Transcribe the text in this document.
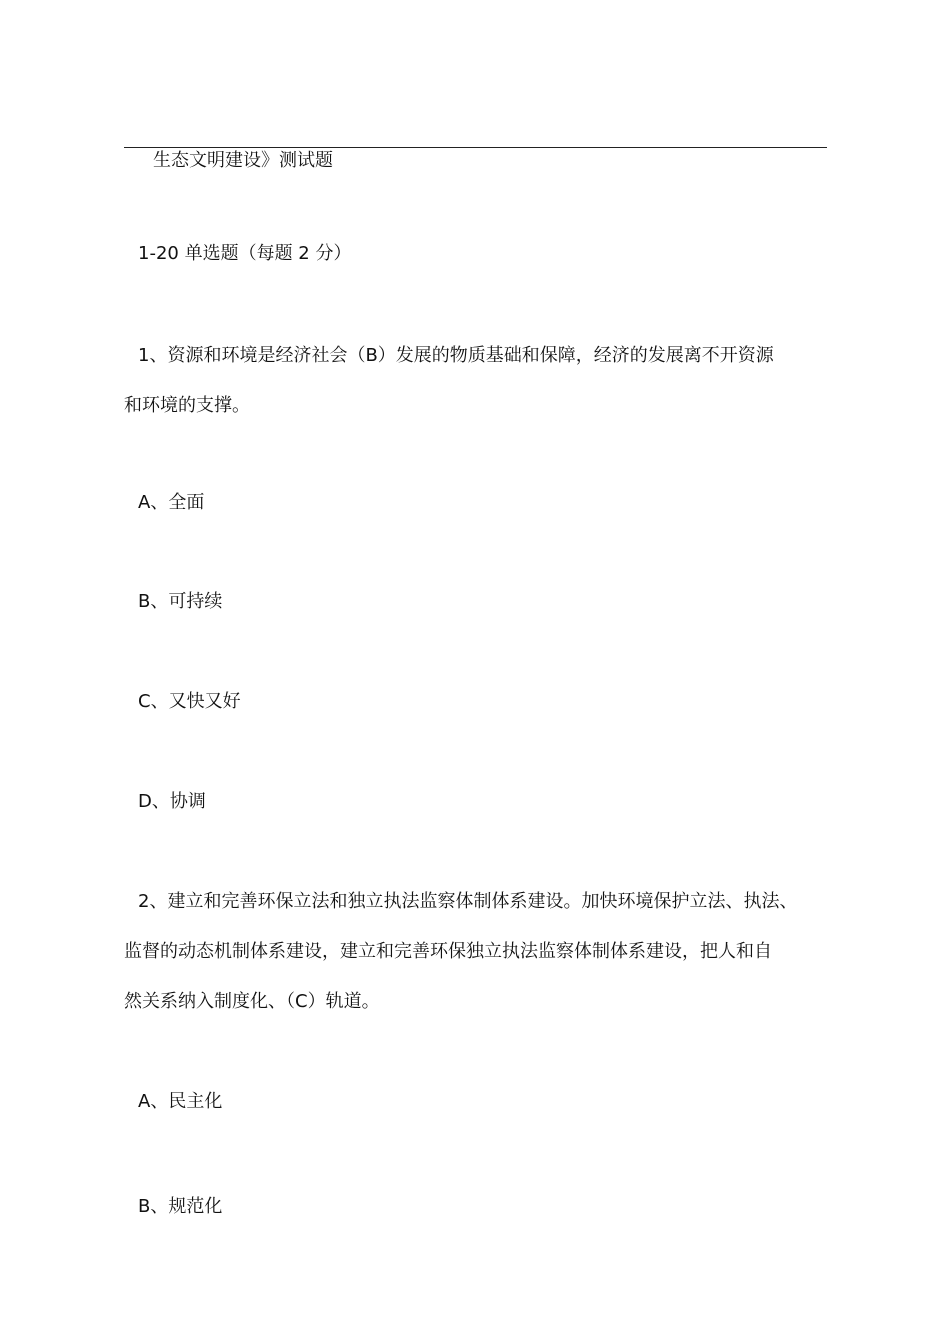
生态文明建设》测试题
1-20 单选题（每题 2 分）
1、资源和环境是经济社会（B）发展的物质基础和保障，经济的发展离不开资源
和环境的支撑。
A、全面
B、可持续
C、又快又好
D、协调
2、建立和完善环保立法和独立执法监察体制体系建设。加快环境保护立法、执法、
监督的动态机制体系建设，建立和完善环保独立执法监察体制体系建设，把人和自
然关系纳入制度化、（C）轨道。
A、民主化
B、规范化
